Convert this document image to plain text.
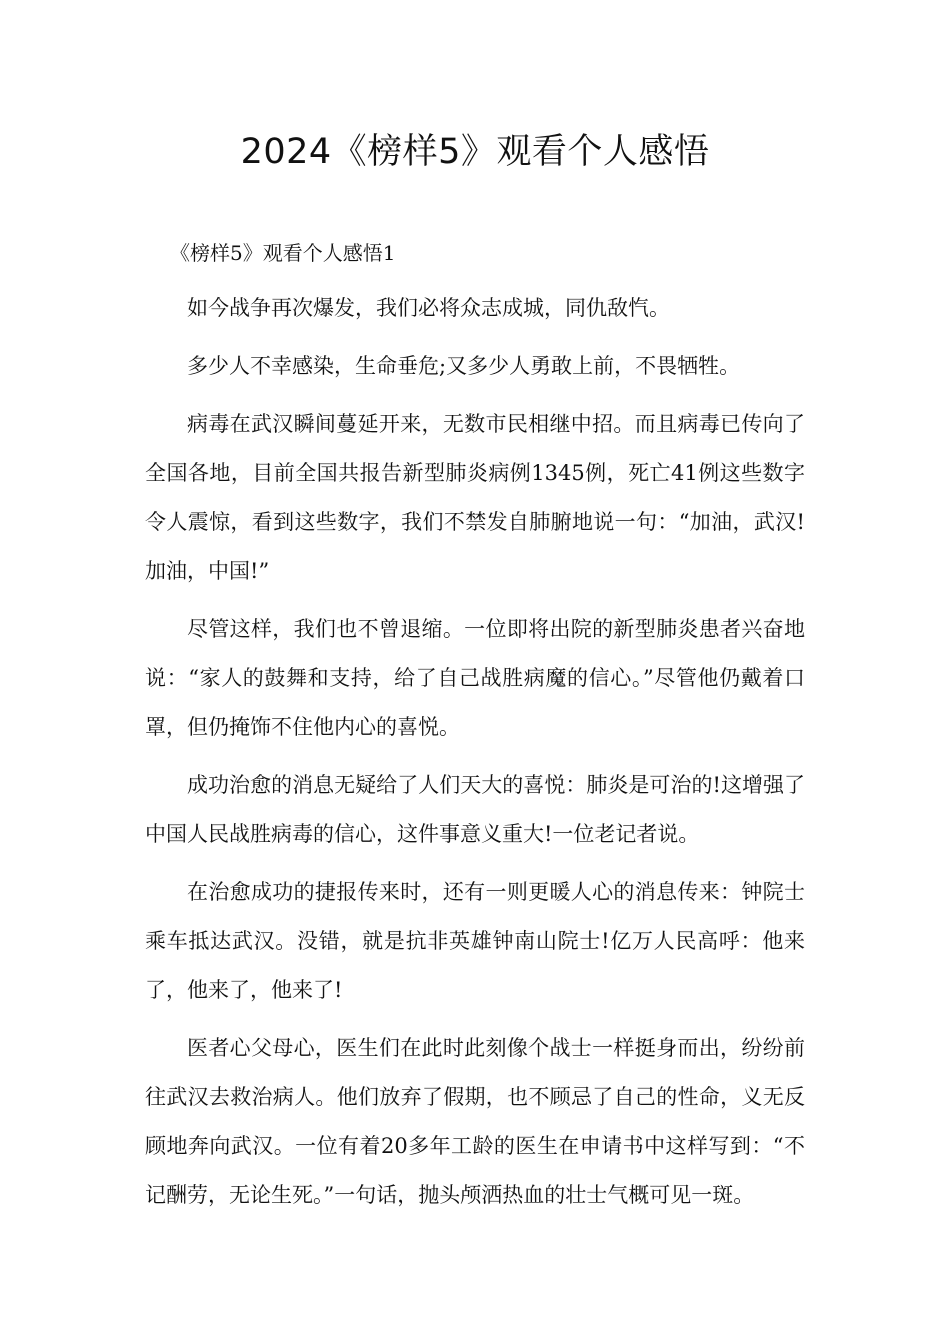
2024《榜样5》观看个人感悟

《榜样5》观看个人感悟1

如今战争再次爆发，我们必将众志成城，同仇敌忾。

多少人不幸感染，生命垂危;又多少人勇敢上前，不畏牺牲。

病毒在武汉瞬间蔓延开来，无数市民相继中招。而且病毒已传向了全国各地，目前全国共报告新型肺炎病例1345例，死亡41例这些数字令人震惊，看到这些数字，我们不禁发自肺腑地说一句：“加油，武汉!加油，中国!”

尽管这样，我们也不曾退缩。一位即将出院的新型肺炎患者兴奋地说：“家人的鼓舞和支持，给了自己战胜病魔的信心。”尽管他仍戴着口罩，但仍掩饰不住他内心的喜悦。

成功治愈的消息无疑给了人们天大的喜悦：肺炎是可治的!这增强了中国人民战胜病毒的信心，这件事意义重大!一位老记者说。

在治愈成功的捷报传来时，还有一则更暖人心的消息传来：钟院士乘车抵达武汉。没错，就是抗非英雄钟南山院士!亿万人民高呼：他来了，他来了，他来了!

医者心父母心，医生们在此时此刻像个战士一样挺身而出，纷纷前往武汉去救治病人。他们放弃了假期，也不顾忌了自己的性命，义无反顾地奔向武汉。一位有着20多年工龄的医生在申请书中这样写到：“不记酬劳，无论生死。”一句话，抛头颅洒热血的壮士气概可见一斑。
